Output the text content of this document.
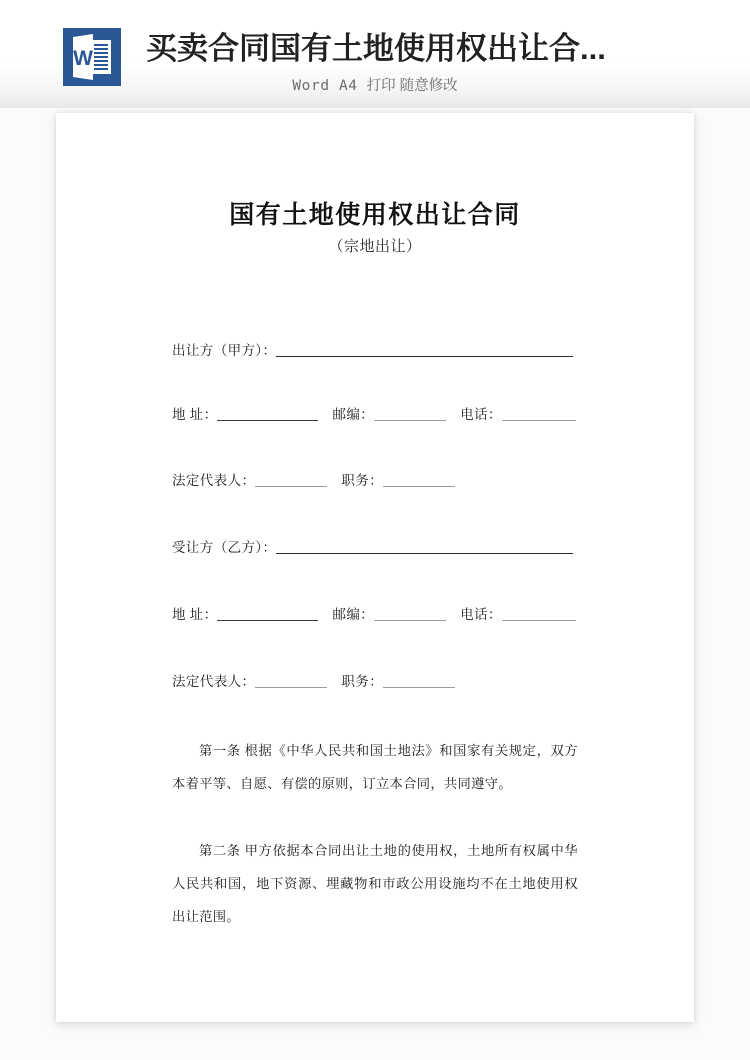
W 买卖合同国有土地使用权出让合...
Word A4 打印 随意修改
国有土地使用权出让合同
（宗地出让）
出让方（甲方）：
地 址：	邮编：	电话：
法定代表人：	职务：
受让方（乙方）：
地 址：	邮编：	电话：
法定代表人：	职务：
第一条 根据《中华人民共和国土地法》和国家有关规定，双方本着平等、自愿、有偿的原则，订立本合同，共同遵守。
第二条 甲方依据本合同出让土地的使用权，土地所有权属中华人民共和国，地下资源、埋藏物和市政公用设施均不在土地使用权出让范围。
